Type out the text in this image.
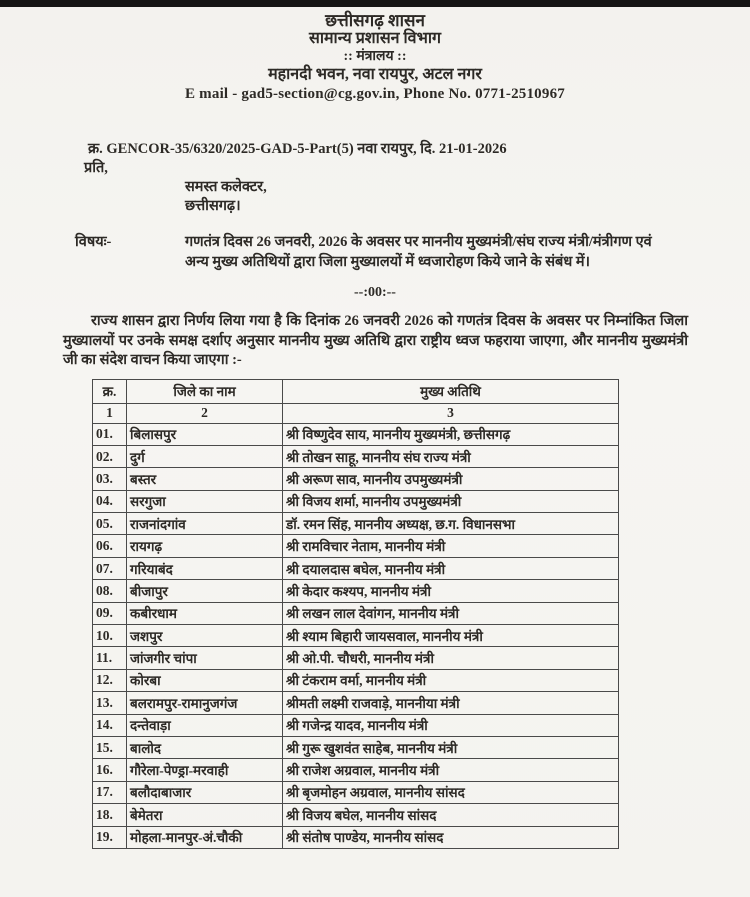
छत्तीसगढ़ शासन
सामान्य प्रशासन विभाग
:: मंत्रालय ::
महानदी भवन, नवा रायपुर, अटल नगर
E mail - gad5-section@cg.gov.in, Phone No. 0771-2510967
क्र. GENCOR-35/6320/2025-GAD-5-Part(5) नवा रायपुर, दि. 21-01-2026
प्रति,
समस्त कलेक्टर,
छत्तीसगढ़।
विषयः-	गणतंत्र दिवस 26 जनवरी, 2026 के अवसर पर माननीय मुख्यमंत्री/संघ राज्य मंत्री/मंत्रीगण एवं अन्य मुख्य अतिथियों द्वारा जिला मुख्यालयों में ध्वजारोहण किये जाने के संबंध में।
--:00:--
राज्य शासन द्वारा निर्णय लिया गया है कि दिनांक 26 जनवरी 2026 को गणतंत्र दिवस के अवसर पर निम्नांकित जिला मुख्यालयों पर उनके समक्ष दर्शाए अनुसार माननीय मुख्य अतिथि द्वारा राष्ट्रीय ध्वज फहराया जाएगा, और माननीय मुख्यमंत्री जी का संदेश वाचन किया जाएगा :-
क्र.	जिले का नाम	मुख्य अतिथि
1	2	3
01.	बिलासपुर	श्री विष्णुदेव साय, माननीय मुख्यमंत्री, छत्तीसगढ़
02.	दुर्ग	श्री तोखन साहू, माननीय संघ राज्य मंत्री
03.	बस्तर	श्री अरूण साव, माननीय उपमुख्यमंत्री
04.	सरगुजा	श्री विजय शर्मा, माननीय उपमुख्यमंत्री
05.	राजनांदगांव	डॉ. रमन सिंह, माननीय अध्यक्ष, छ.ग. विधानसभा
06.	रायगढ़	श्री रामविचार नेताम, माननीय मंत्री
07.	गरियाबंद	श्री दयालदास बघेल, माननीय मंत्री
08.	बीजापुर	श्री केदार कश्यप, माननीय मंत्री
09.	कबीरधाम	श्री लखन लाल देवांगन, माननीय मंत्री
10.	जशपुर	श्री श्याम बिहारी जायसवाल, माननीय मंत्री
11.	जांजगीर चांपा	श्री ओ.पी. चौधरी, माननीय मंत्री
12.	कोरबा	श्री टंकराम वर्मा, माननीय मंत्री
13.	बलरामपुर-रामानुजगंज	श्रीमती लक्ष्मी राजवाड़े, माननीया मंत्री
14.	दन्तेवाड़ा	श्री गजेन्द्र यादव, माननीय मंत्री
15.	बालोद	श्री गुरू खुशवंत साहेब, माननीय मंत्री
16.	गौरेला-पेण्ड्रा-मरवाही	श्री राजेश अग्रवाल, माननीय मंत्री
17.	बलौदाबाजार	श्री बृजमोहन अग्रवाल, माननीय सांसद
18.	बेमेतरा	श्री विजय बघेल, माननीय सांसद
19.	मोहला-मानपुर-अं.चौकी	श्री संतोष पाण्डेय, माननीय सांसद
